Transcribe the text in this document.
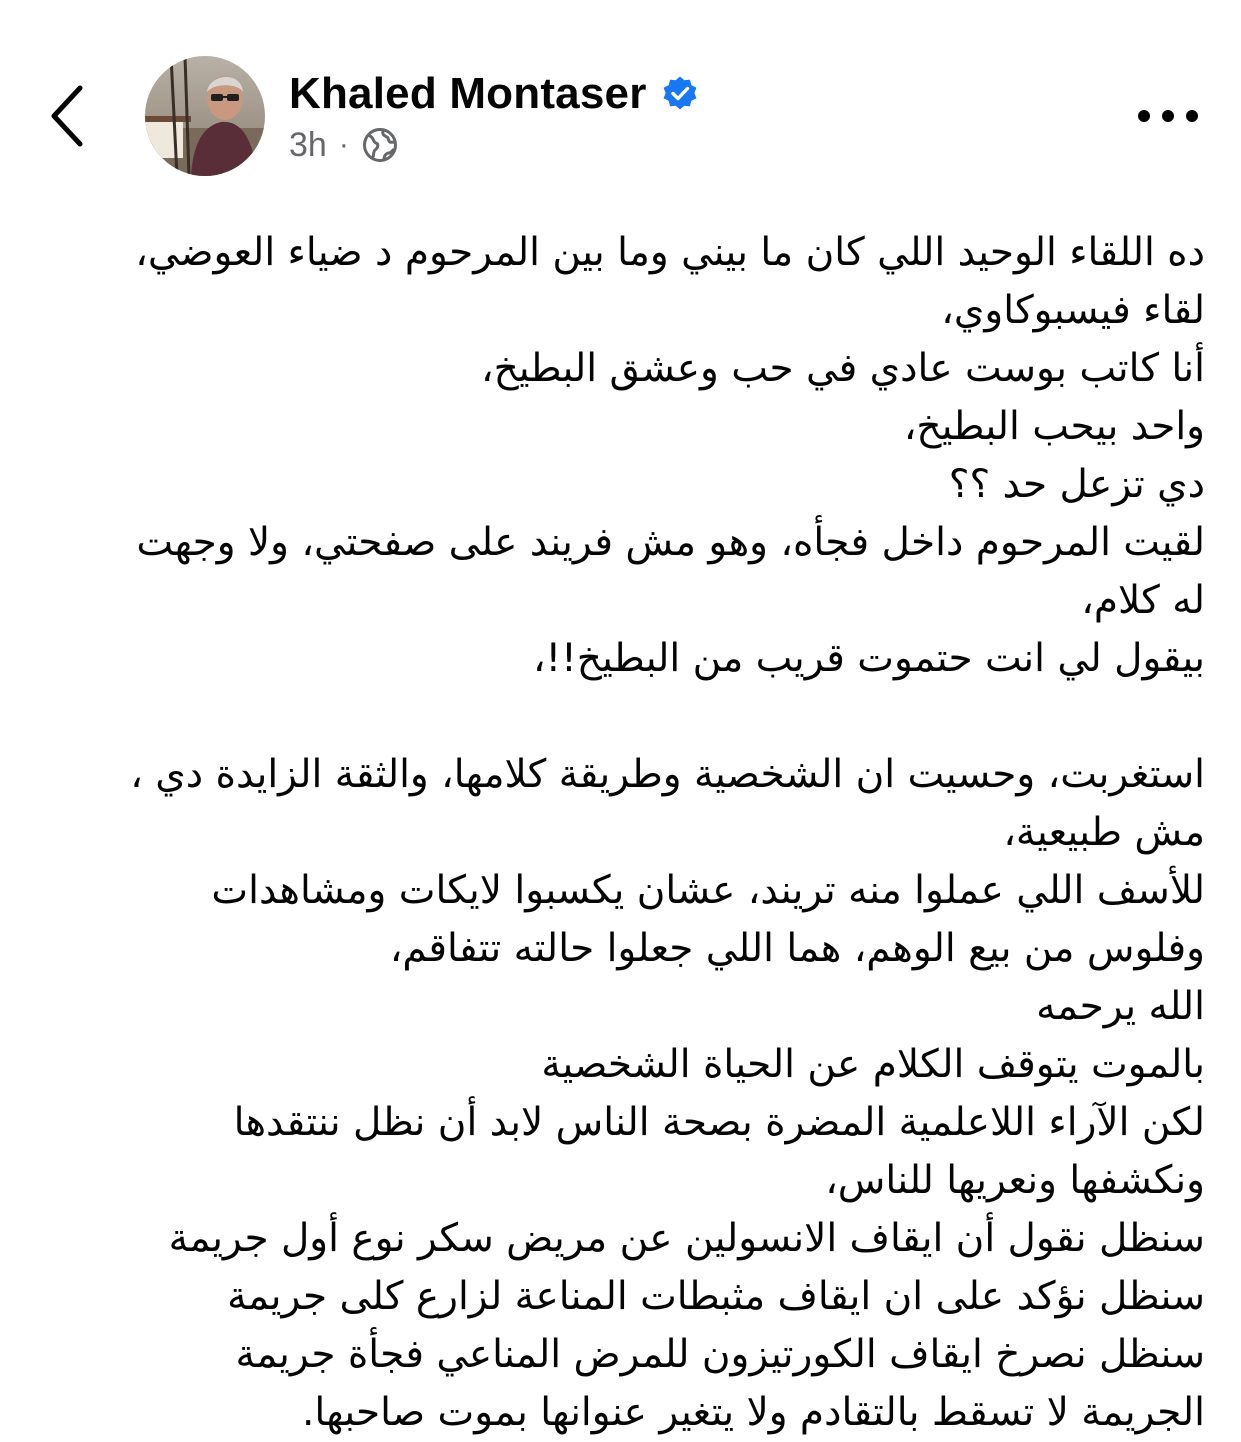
Khaled Montaser
3h ·
ده اللقاء الوحيد اللي كان ما بيني وما بين المرحوم د ضياء العوضي،
لقاء فيسبوكاوي،
أنا كاتب بوست عادي في حب وعشق البطيخ،
واحد بيحب البطيخ،
دي تزعل حد ؟؟
لقيت المرحوم داخل فجأه، وهو مش فريند على صفحتي، ولا وجهت
له كلام،
بيقول لي انت حتموت قريب من البطيخ!!،
استغربت، وحسيت ان الشخصية وطريقة كلامها، والثقة الزايدة دي ،
مش طبيعية،
للأسف اللي عملوا منه تريند، عشان يكسبوا لايكات ومشاهدات
وفلوس من بيع الوهم، هما اللي جعلوا حالته تتفاقم،
الله يرحمه
بالموت يتوقف الكلام عن الحياة الشخصية
لكن الآراء اللاعلمية المضرة بصحة الناس لابد أن نظل ننتقدها
ونكشفها ونعريها للناس،
سنظل نقول أن ايقاف الانسولين عن مريض سكر نوع أول جريمة
سنظل نؤكد على ان ايقاف مثبطات المناعة لزارع كلى جريمة
سنظل نصرخ ايقاف الكورتيزون للمرض المناعي فجأة جريمة
الجريمة لا تسقط بالتقادم ولا يتغير عنوانها بموت صاحبها.
